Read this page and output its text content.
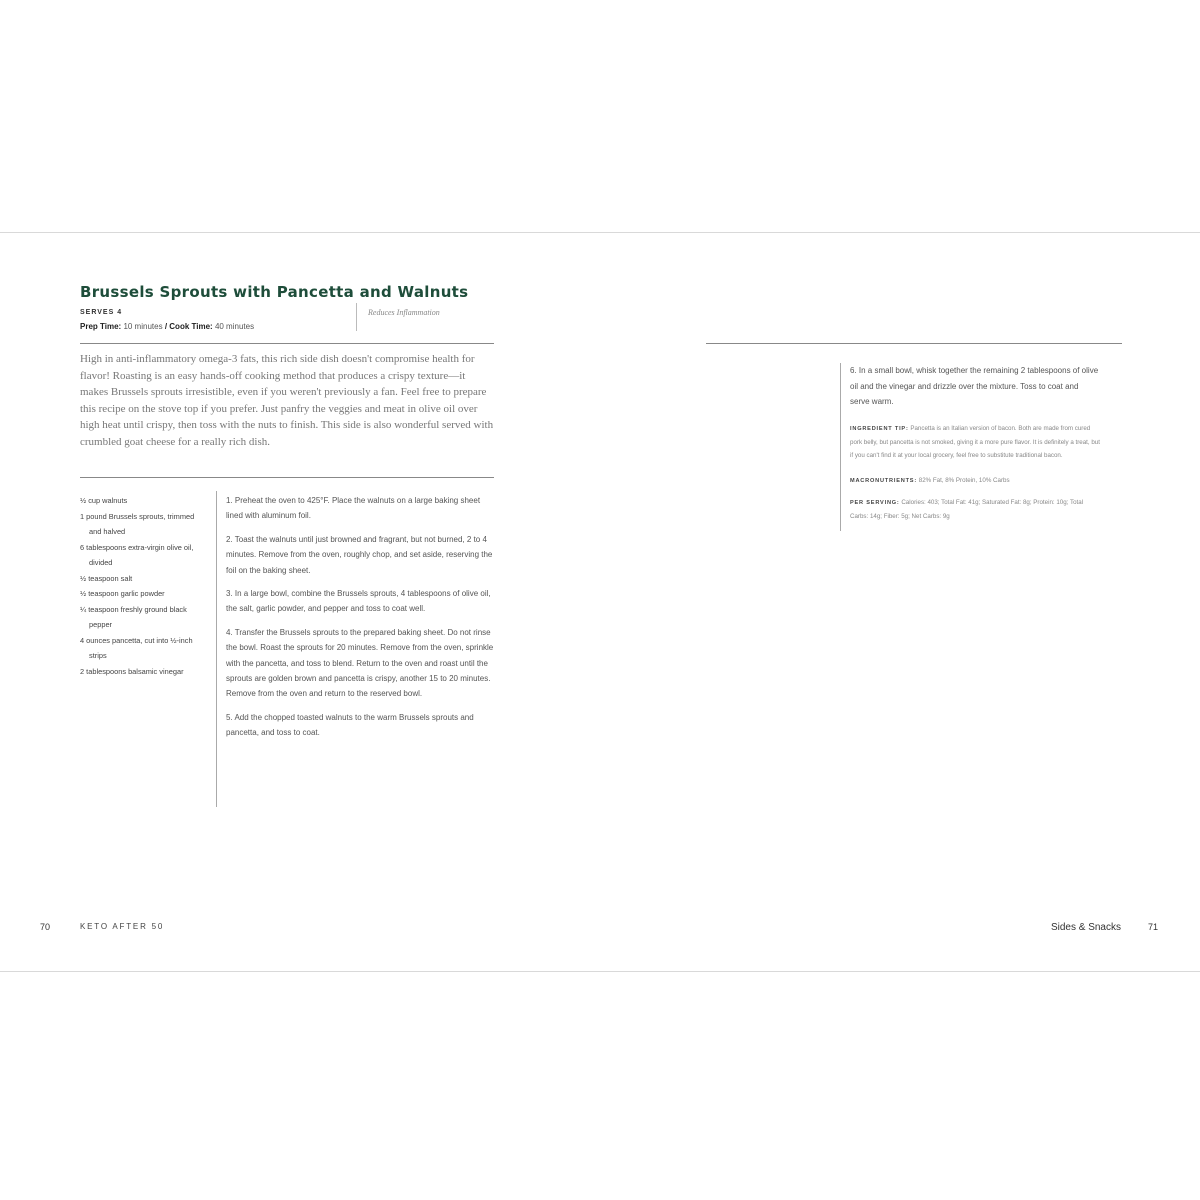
Brussels Sprouts with Pancetta and Walnuts
SERVES 4
Prep Time: 10 minutes / Cook Time: 40 minutes
Reduces Inflammation

High in anti-inflammatory omega-3 fats, this rich side dish doesn't compromise health for flavor! Roasting is an easy hands-off cooking method that produces a crispy texture—it makes Brussels sprouts irresistible, even if you weren't previously a fan. Feel free to prepare this recipe on the stove top if you prefer. Just panfry the veggies and meat in olive oil over high heat until crispy, then toss with the nuts to finish. This side is also wonderful served with crumbled goat cheese for a really rich dish.

½ cup walnuts
1 pound Brussels sprouts, trimmed and halved
6 tablespoons extra-virgin olive oil, divided
½ teaspoon salt
½ teaspoon garlic powder
¼ teaspoon freshly ground black pepper
4 ounces pancetta, cut into ½-inch strips
2 tablespoons balsamic vinegar
1. Preheat the oven to 425°F. Place the walnuts on a large baking sheet lined with aluminum foil.
2. Toast the walnuts until just browned and fragrant, but not burned, 2 to 4 minutes. Remove from the oven, roughly chop, and set aside, reserving the foil on the baking sheet.
3. In a large bowl, combine the Brussels sprouts, 4 tablespoons of olive oil, the salt, garlic powder, and pepper and toss to coat well.
4. Transfer the Brussels sprouts to the prepared baking sheet. Do not rinse the bowl. Roast the sprouts for 20 minutes. Remove from the oven, sprinkle with the pancetta, and toss to blend. Return to the oven and roast until the sprouts are golden brown and pancetta is crispy, another 15 to 20 minutes. Remove from the oven and return to the reserved bowl.
5. Add the chopped toasted walnuts to the warm Brussels sprouts and pancetta, and toss to coat.

6. In a small bowl, whisk together the remaining 2 tablespoons of olive oil and the vinegar and drizzle over the mixture. Toss to coat and serve warm.

INGREDIENT TIP: Pancetta is an Italian version of bacon. Both are made from cured pork belly, but pancetta is not smoked, giving it a more pure flavor. It is definitely a treat, but if you can't find it at your local grocery, feel free to substitute traditional bacon.

MACRONUTRIENTS: 82% Fat, 8% Protein, 10% Carbs

PER SERVING: Calories: 403; Total Fat: 41g; Saturated Fat: 8g; Protein: 10g; Total Carbs: 14g; Fiber: 5g; Net Carbs: 9g

70	KETO AFTER 50	Sides & Snacks	71
